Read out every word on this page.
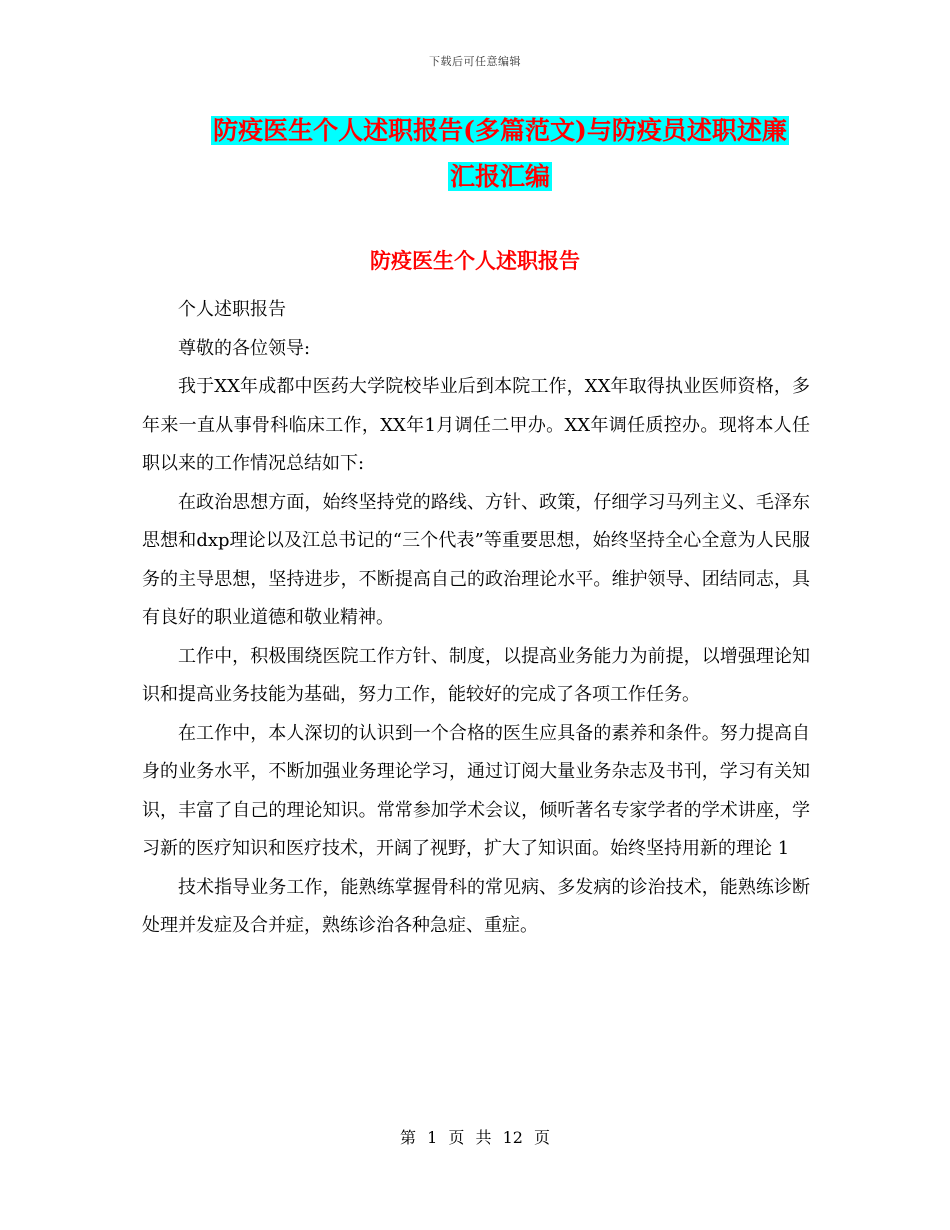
下载后可任意编辑
防疫医生个人述职报告(多篇范文)与防疫员述职述廉
汇报汇编
防疫医生个人述职报告

个人述职报告

尊敬的各位领导:

我于XX年成都中医药大学院校毕业后到本院工作，XX年取得执业医师资格，多年来一直从事骨科临床工作，XX年1月调任二甲办。XX年调任质控办。现将本人任职以来的工作情况总结如下:

在政治思想方面，始终坚持党的路线、方针、政策，仔细学习马列主义、毛泽东思想和dxp理论以及江总书记的“三个代表”等重要思想，始终坚持全心全意为人民服务的主导思想，坚持进步，不断提高自己的政治理论水平。维护领导、团结同志，具有良好的职业道德和敬业精神。

工作中，积极围绕医院工作方针、制度，以提高业务能力为前提，以增强理论知识和提高业务技能为基础，努力工作，能较好的完成了各项工作任务。

在工作中，本人深切的认识到一个合格的医生应具备的素养和条件。努力提高自身的业务水平，不断加强业务理论学习，通过订阅大量业务杂志及书刊，学习有关知识，丰富了自己的理论知识。常常参加学术会议，倾听著名专家学者的学术讲座，学习新的医疗知识和医疗技术，开阔了视野，扩大了知识面。始终坚持用新的理论 1

技术指导业务工作，能熟练掌握骨科的常见病、多发病的诊治技术，能熟练诊断处理并发症及合并症，熟练诊治各种急症、重症。

第 1 页 共 12 页
